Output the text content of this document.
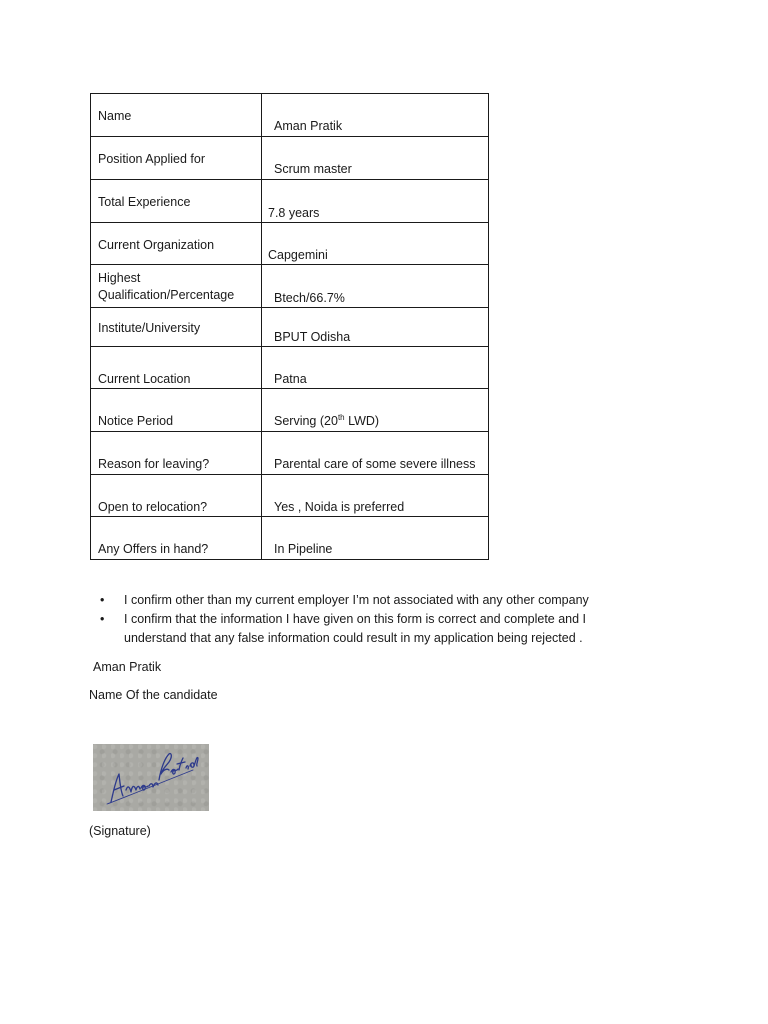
Name	Aman Pratik

Position Applied for	Scrum master

Total Experience	7.8 years

Current Organization	Capgemini

Highest Qualification/Percentage	Btech/66.7%

Institute/University	BPUT Odisha

Current Location	Patna

Notice Period	Serving (20th LWD)

Reason for leaving?	Parental care of some severe illness

Open to relocation?	Yes , Noida is preferred

Any Offers in hand?	In Pipeline
• I confirm other than my current employer I’m not associated with any other company
• I confirm that the information I have given on this form is correct and complete and I
understand that any false information could result in my application being rejected .
Aman Pratik
Name Of the candidate
(Signature)
